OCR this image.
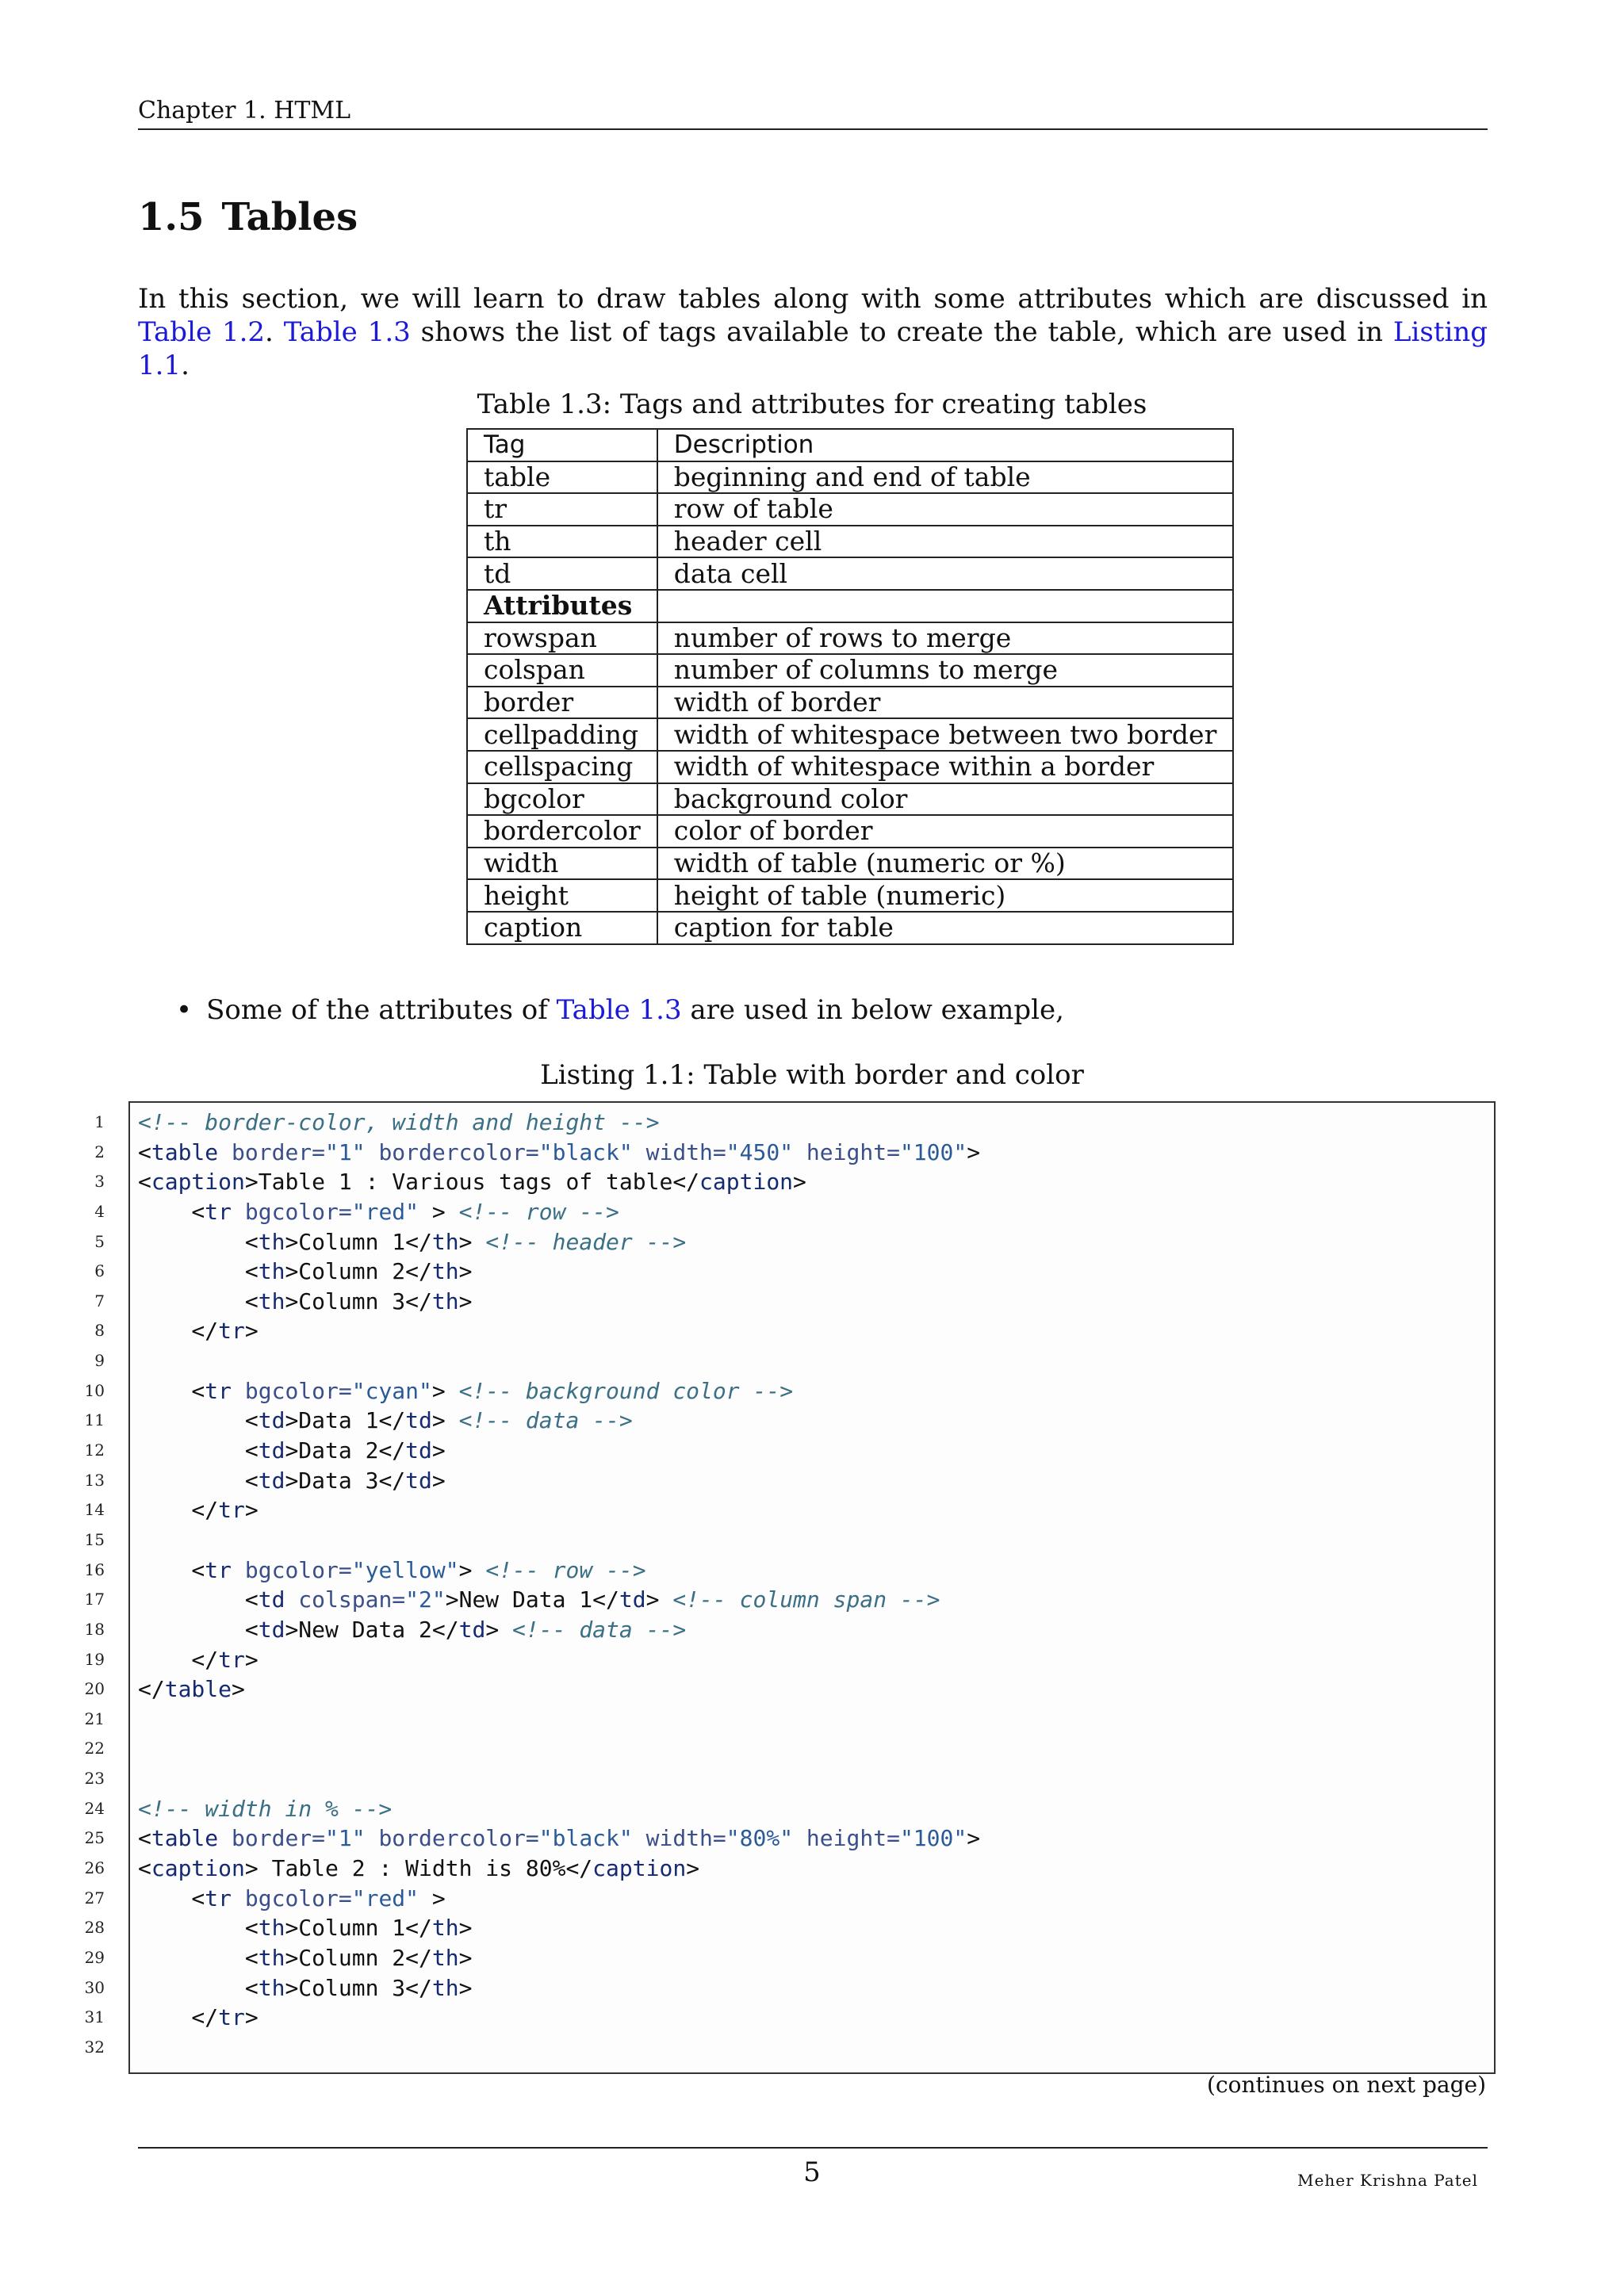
Chapter 1. HTML
1.5 Tables

In this section, we will learn to draw tables along with some attributes which are discussed in Table 1.2. Table 1.3 shows the list of tags available to create the table, which are used in Listing 1.1.

Table 1.3: Tags and attributes for creating tables
Tag	Description
table	beginning and end of table
tr	row of table
th	header cell
td	data cell
Attributes	
rowspan	number of rows to merge
colspan	number of columns to merge
border	width of border
cellpadding	width of whitespace between two border
cellspacing	width of whitespace within a border
bgcolor	background color
bordercolor	color of border
width	width of table (numeric or %)
height	height of table (numeric)
caption	caption for table
• Some of the attributes of Table 1.3 are used in below example,
Listing 1.1: Table with border and color
1 <!-- border-color, width and height -->
2 <table border="1" bordercolor="black" width="450" height="100">
3 <caption>Table 1 : Various tags of table</caption>
4 <tr bgcolor="red" > <!-- row -->
5 <th>Column 1</th> <!-- header -->
6 <th>Column 2</th>
7 <th>Column 3</th>
8 </tr>
9
10 <tr bgcolor="cyan"> <!-- background color -->
11 <td>Data 1</td> <!-- data -->
12 <td>Data 2</td>
13 <td>Data 3</td>
14 </tr>
15
16 <tr bgcolor="yellow"> <!-- row -->
17 <td colspan="2">New Data 1</td> <!-- column span -->
18 <td>New Data 2</td> <!-- data -->
19 </tr>
20 </table>
21
22
23
24 <!-- width in % -->
25 <table border="1" bordercolor="black" width="80%" height="100">
26 <caption> Table 2 : Width is 80%</caption>
27 <tr bgcolor="red" >
28 <th>Column 1</th>
29 <th>Column 2</th>
30 <th>Column 3</th>
31 </tr>
32
(continues on next page)
5	Meher Krishna Patel
